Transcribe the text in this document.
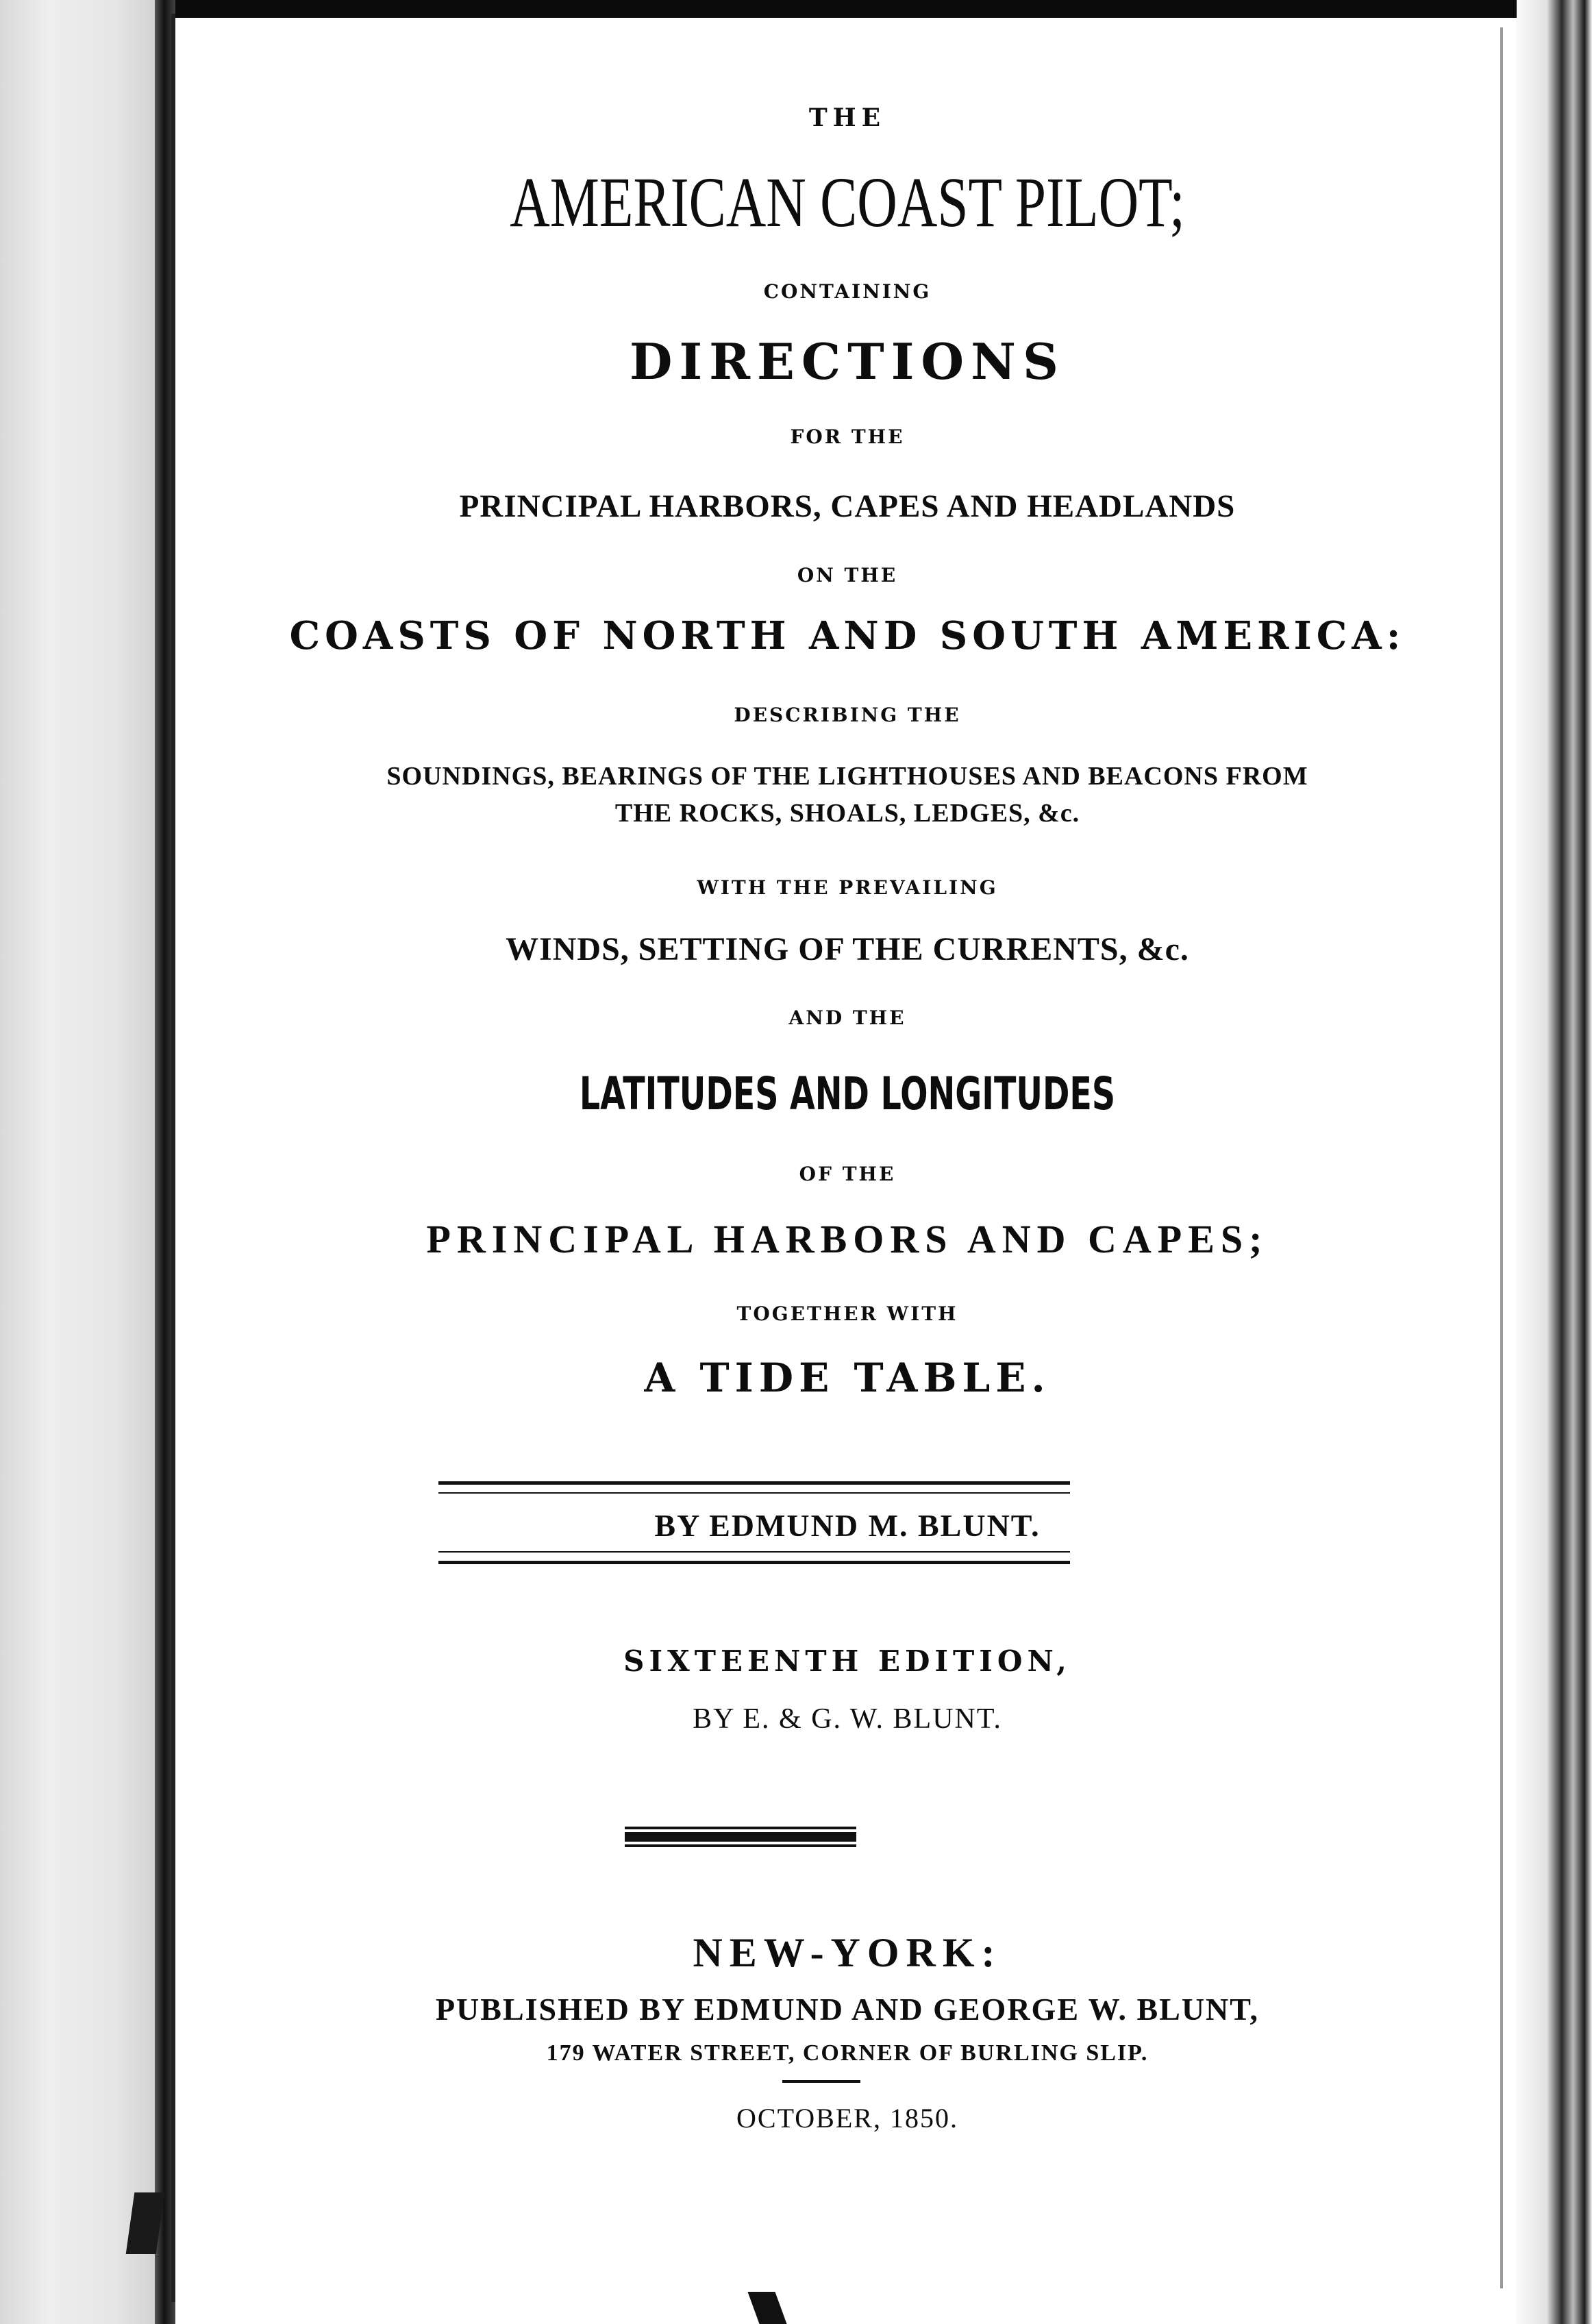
THE

AMERICAN COAST PILOT;

CONTAINING

DIRECTIONS

FOR THE

PRINCIPAL HARBORS, CAPES AND HEADLANDS

ON THE

COASTS OF NORTH AND SOUTH AMERICA:

DESCRIBING THE

SOUNDINGS, BEARINGS OF THE LIGHTHOUSES AND BEACONS FROM

THE ROCKS, SHOALS, LEDGES, &c.

WITH THE PREVAILING

WINDS, SETTING OF THE CURRENTS, &c.

AND THE

LATITUDES AND LONGITUDES

OF THE

PRINCIPAL HARBORS AND CAPES;

TOGETHER WITH

A TIDE TABLE.

BY EDMUND M. BLUNT.

SIXTEENTH EDITION,

BY E. & G. W. BLUNT.

NEW-YORK:

PUBLISHED BY EDMUND AND GEORGE W. BLUNT,

179 WATER STREET, CORNER OF BURLING SLIP.

OCTOBER, 1850.
